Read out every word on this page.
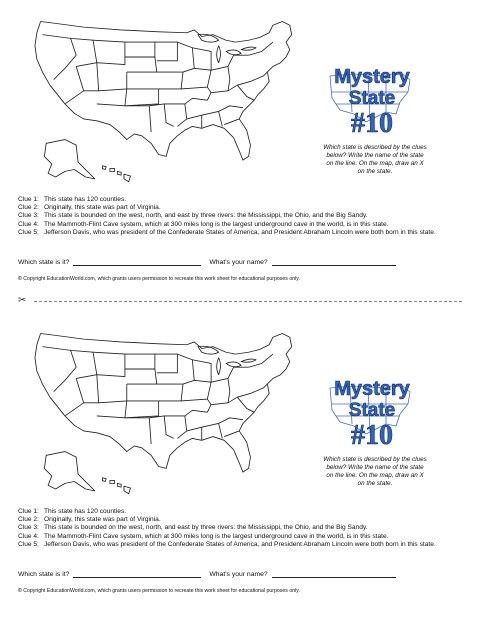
Mystery
State
#10
Which state is described by the clues below? Write the name of the state on the line. On the map, draw an X on the state.
Clue 1: This state has 120 counties.
Clue 2: Originally, this state was part of Virginia.
Clue 3: This state is bounded on the west, north, and east by three rivers: the Mississippi, the Ohio, and the Big Sandy.
Clue 4: The Mammoth-Flint Cave system, which at 300 miles long is the largest underground cave in the world, is in this state.
Clue 5: Jefferson Davis, who was president of the Confederate States of America, and President Abraham Lincoln were both born in this state.
Which state is it?	What's your name?
© Copyright EducationWorld.com, which grants users permission to recreate this work sheet for educational purposes only.
✂
Mystery
State
#10
Which state is described by the clues below? Write the name of the state on the line. On the map, draw an X on the state.
Clue 1: This state has 120 counties.
Clue 2: Originally, this state was part of Virginia.
Clue 3: This state is bounded on the west, north, and east by three rivers: the Mississippi, the Ohio, and the Big Sandy.
Clue 4: The Mammoth-Flint Cave system, which at 300 miles long is the largest underground cave in the world, is in this state.
Clue 5: Jefferson Davis, who was president of the Confederate States of America, and President Abraham Lincoln were both born in this state.
Which state is it?	What's your name?
© Copyright EducationWorld.com, which grants users permission to recreate this work sheet for educational purposes only.
